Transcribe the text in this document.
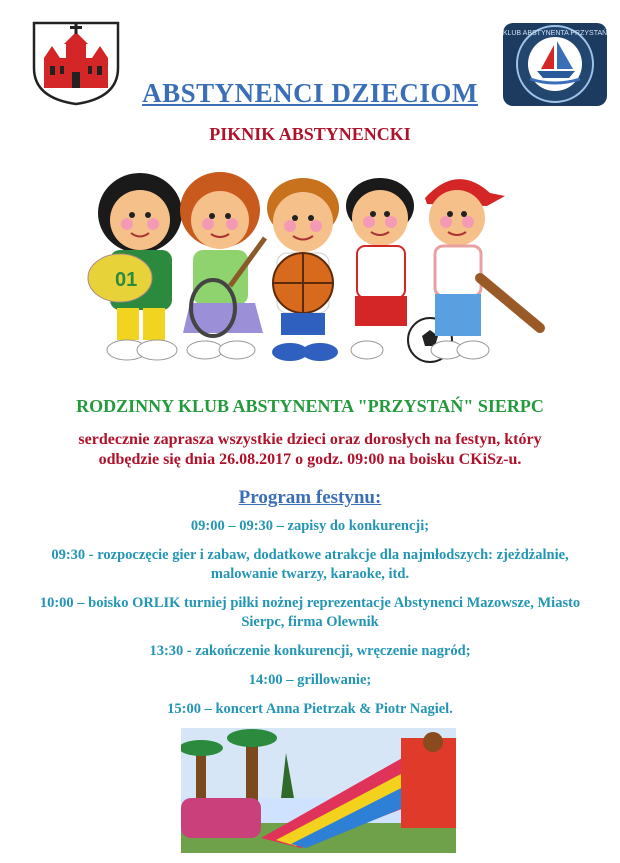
KLUB ABSTYNENTA PRZYSTAŃ
ABSTYNENCI DZIECIOM
PIKNIK ABSTYNENCKI
01
RODZINNY KLUB ABSTYNENTA "PRZYSTAŃ" SIERPC
serdecznie zaprasza wszystkie dzieci oraz dorosłych na festyn, który
odbędzie się dnia 26.08.2017 o godz. 09:00 na boisku CKiSz-u.
Program festynu:

09:00 – 09:30 – zapisy do konkurencji;

09:30 - rozpoczęcie gier i zabaw, dodatkowe atrakcje dla najmłodszych: zjeżdżalnie, malowanie twarzy, karaoke, itd.

10:00 – boisko ORLIK turniej piłki nożnej reprezentacje Abstynenci Mazowsze, Miasto Sierpc, firma Olewnik

13:30 - zakończenie konkurencji, wręczenie nagród;

14:00 – grillowanie;

15:00 – koncert Anna Pietrzak & Piotr Nagiel.
